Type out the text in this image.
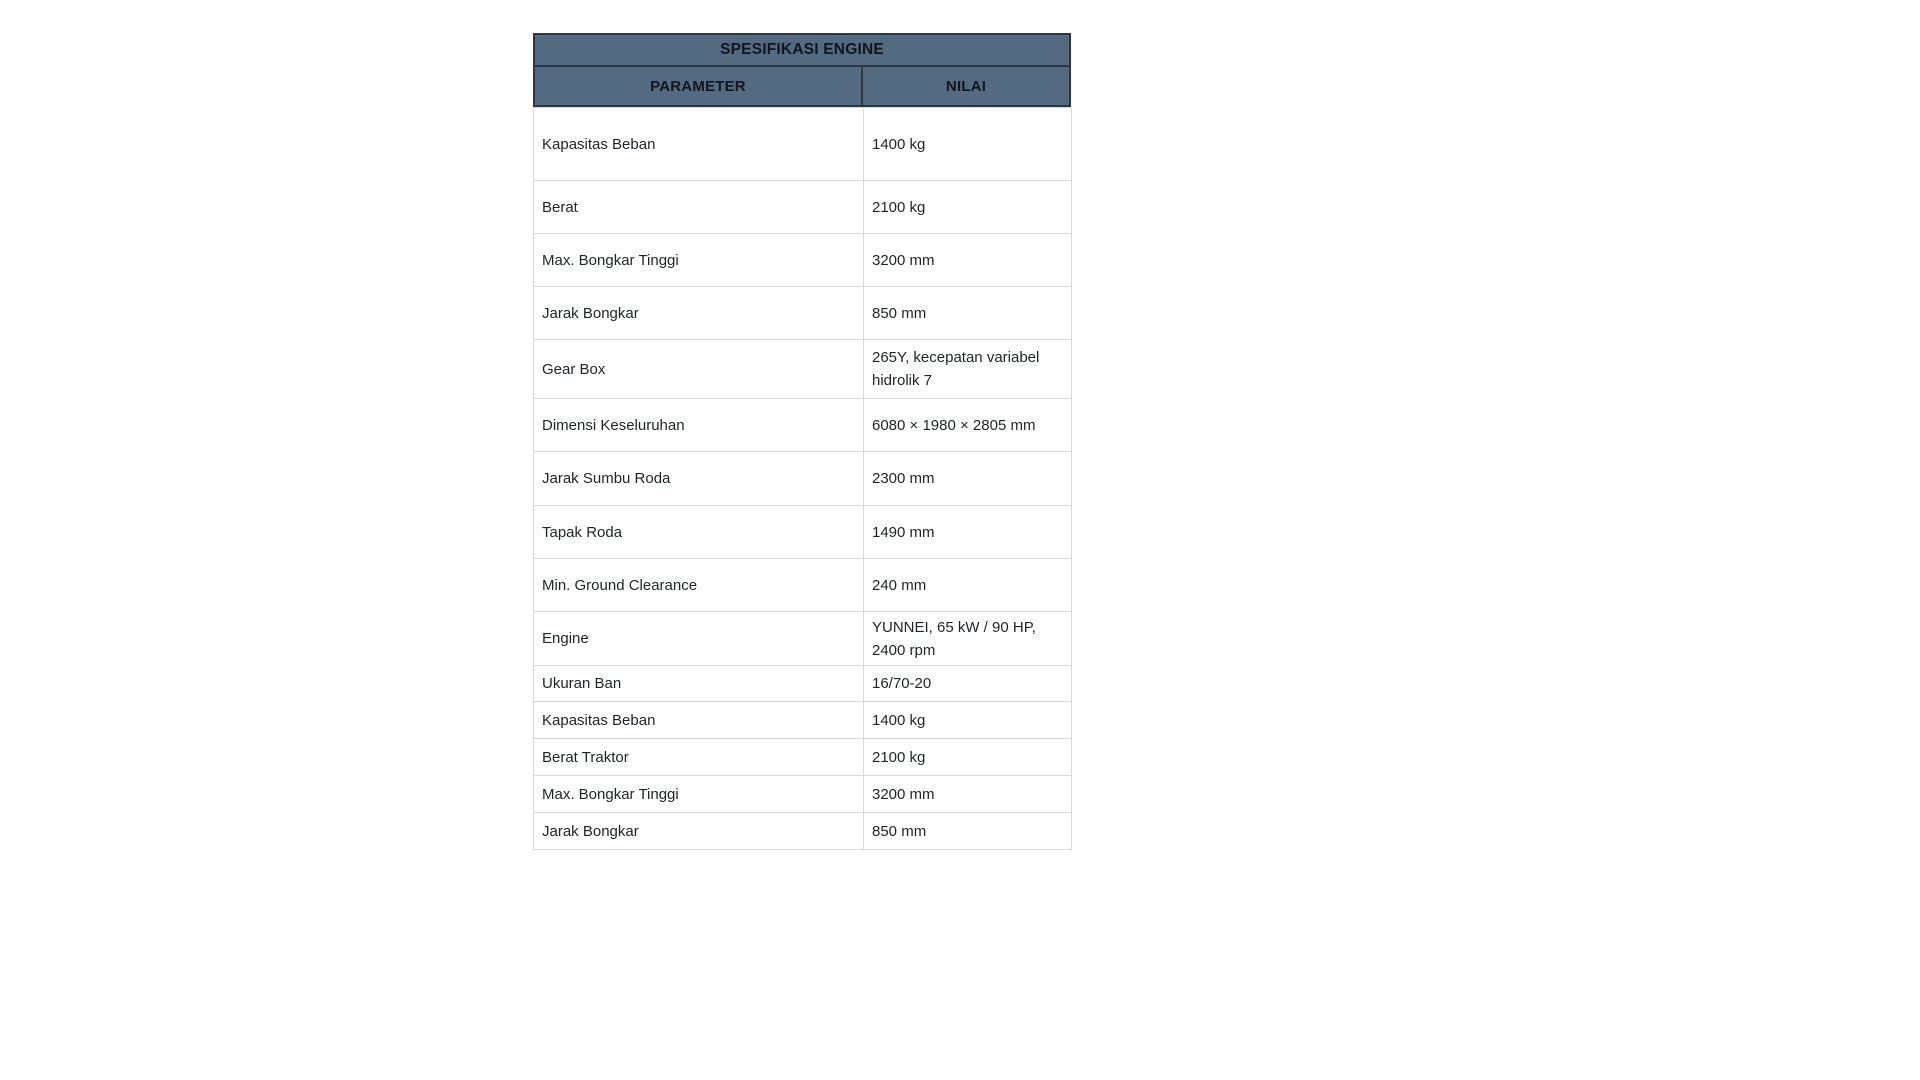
SPESIFIKASI ENGINE
PARAMETER	NILAI
Kapasitas Beban	1400 kg
Berat	2100 kg
Max. Bongkar Tinggi	3200 mm
Jarak Bongkar	850 mm
Gear Box	265Y, kecepatan variabel hidrolik 7
Dimensi Keseluruhan	6080 × 1980 × 2805 mm
Jarak Sumbu Roda	2300 mm
Tapak Roda	1490 mm
Min. Ground Clearance	240 mm
Engine	YUNNEI, 65 kW / 90 HP, 2400 rpm
Ukuran Ban	16/70-20
Kapasitas Beban	1400 kg
Berat Traktor	2100 kg
Max. Bongkar Tinggi	3200 mm
Jarak Bongkar	850 mm
